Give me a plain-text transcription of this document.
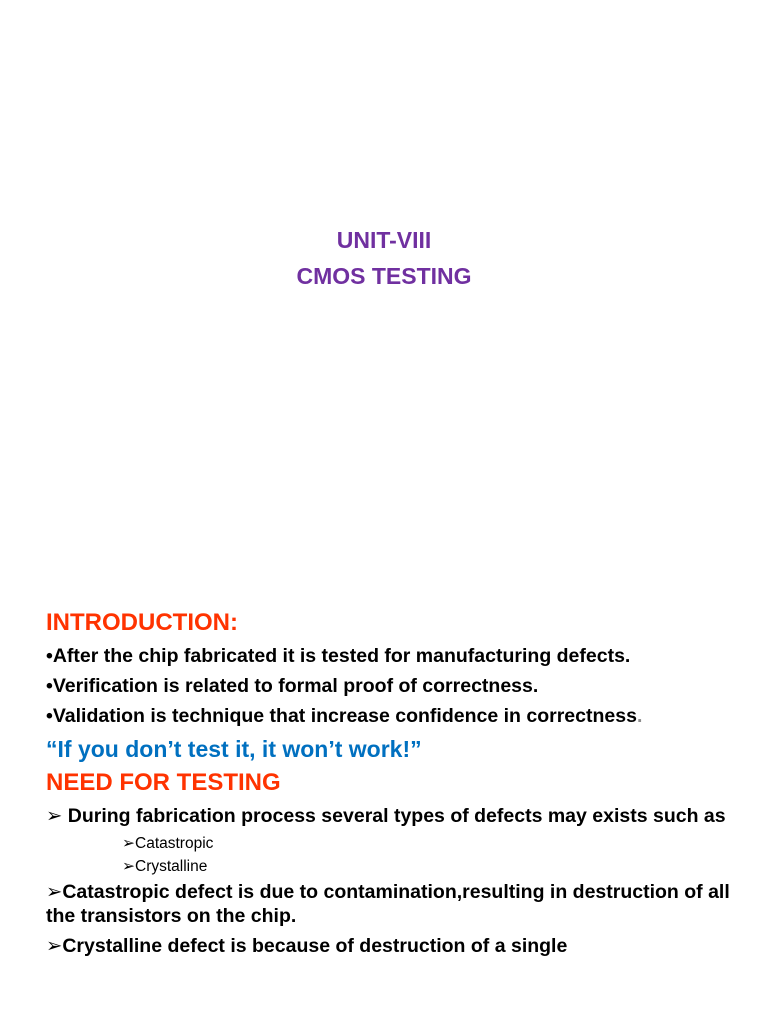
UNIT-VIII
CMOS TESTING

INTRODUCTION:

•After the chip fabricated it is tested for manufacturing defects.

•Verification is related to formal proof of correctness.

•Validation is technique that increase confidence in correctness.

“If you don’t test it, it won’t work!”

NEED FOR TESTING

➢ During fabrication process several types of defects may exists such as

➢Catastropic
➢Crystalline

➢Catastropic defect is due to contamination,resulting in destruction of all the transistors on the chip.

➢Crystalline defect is because of destruction of a single
